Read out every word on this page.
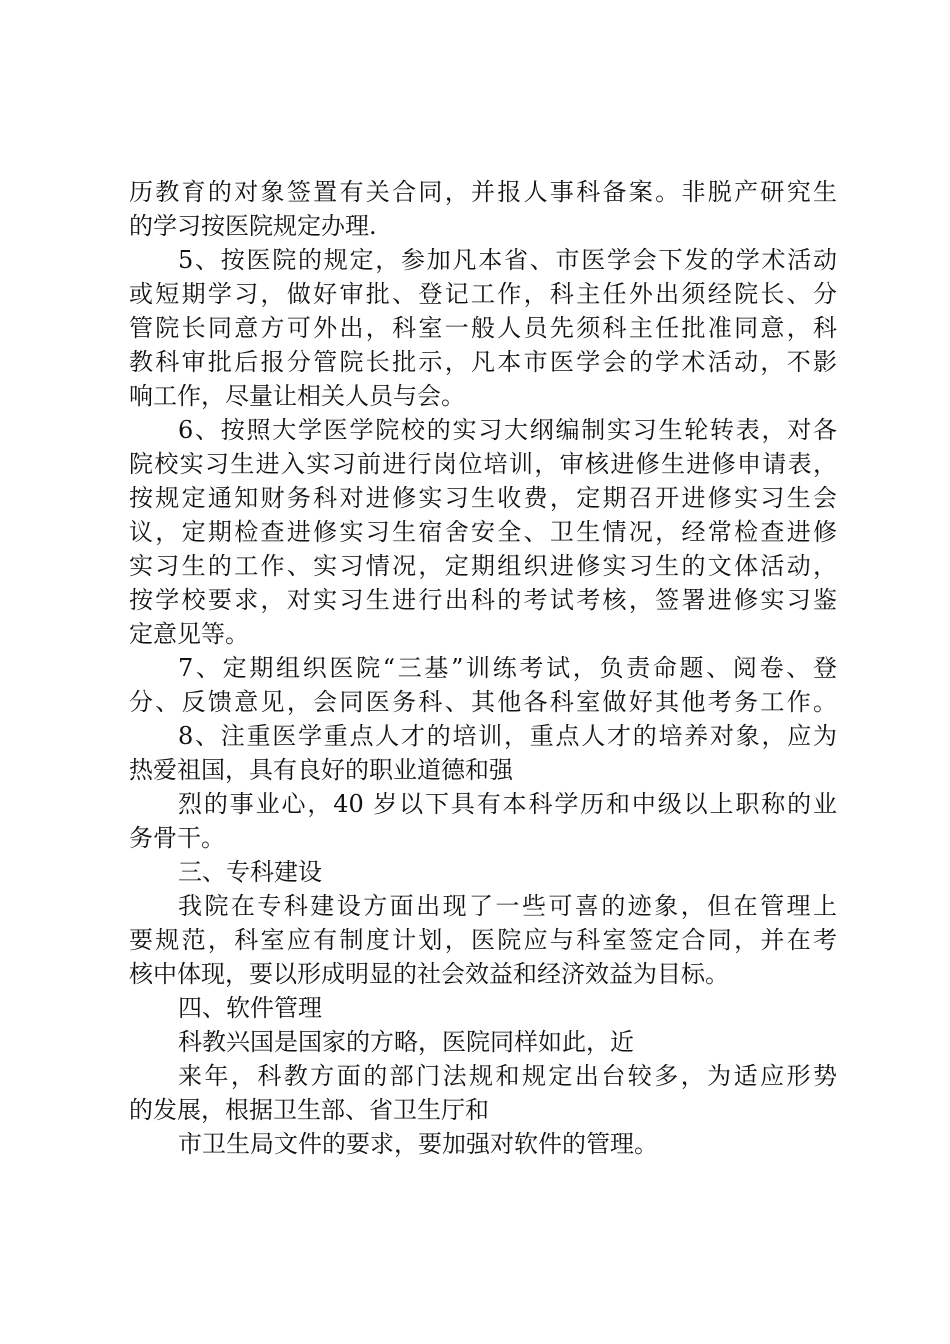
历教育的对象签置有关合同，并报人事科备案。非脱产研究生
的学习按医院规定办理.
5、按医院的规定，参加凡本省、市医学会下发的学术活动
或短期学习，做好审批、登记工作，科主任外出须经院长、分
管院长同意方可外出，科室一般人员先须科主任批准同意，科
教科审批后报分管院长批示，凡本市医学会的学术活动，不影
响工作，尽量让相关人员与会。
6、按照大学医学院校的实习大纲编制实习生轮转表，对各
院校实习生进入实习前进行岗位培训，审核进修生进修申请表，
按规定通知财务科对进修实习生收费，定期召开进修实习生会
议，定期检查进修实习生宿舍安全、卫生情况，经常检查进修
实习生的工作、实习情况，定期组织进修实习生的文体活动，
按学校要求，对实习生进行出科的考试考核，签署进修实习鉴
定意见等。
7、定期组织医院“三基”训练考试，负责命题、阅卷、登
分、反馈意见，会同医务科、其他各科室做好其他考务工作。
8、注重医学重点人才的培训，重点人才的培养对象，应为
热爱祖国，具有良好的职业道德和强
烈的事业心，40 岁以下具有本科学历和中级以上职称的业
务骨干。
三、专科建设
我院在专科建设方面出现了一些可喜的迹象，但在管理上
要规范，科室应有制度计划，医院应与科室签定合同，并在考
核中体现，要以形成明显的社会效益和经济效益为目标。
四、软件管理
科教兴国是国家的方略，医院同样如此，近
来年，科教方面的部门法规和规定出台较多，为适应形势
的发展，根据卫生部、省卫生厅和
市卫生局文件的要求，要加强对软件的管理。
